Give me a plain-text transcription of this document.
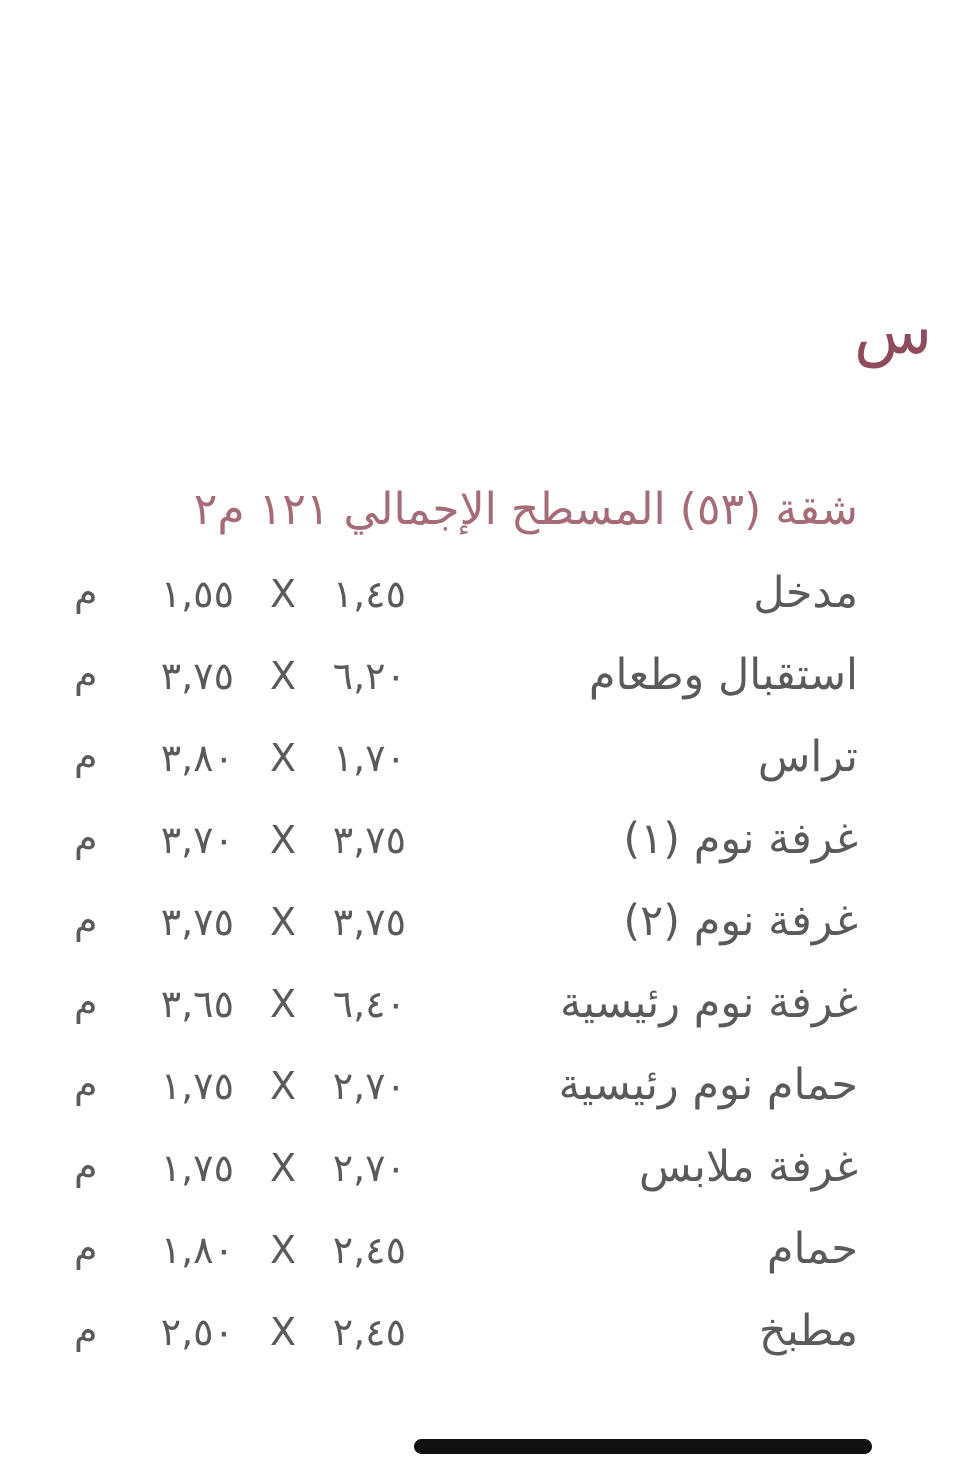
س
شقة (٥٣) المسطح الإجمالي ١٢١ م٢
مدخل
١,٤٥
X
١,٥٥
م
استقبال وطعام
٦,٢٠
X
٣,٧٥
م
تراس
١,٧٠
X
٣,٨٠
م
غرفة نوم (١)
٣,٧٥
X
٣,٧٠
م
غرفة نوم (٢)
٣,٧٥
X
٣,٧٥
م
غرفة نوم رئيسية
٦,٤٠
X
٣,٦٥
م
حمام نوم رئيسية
٢,٧٠
X
١,٧٥
م
غرفة ملابس
٢,٧٠
X
١,٧٥
م
حمام
٢,٤٥
X
١,٨٠
م
مطبخ
٢,٤٥
X
٢,٥٠
م
